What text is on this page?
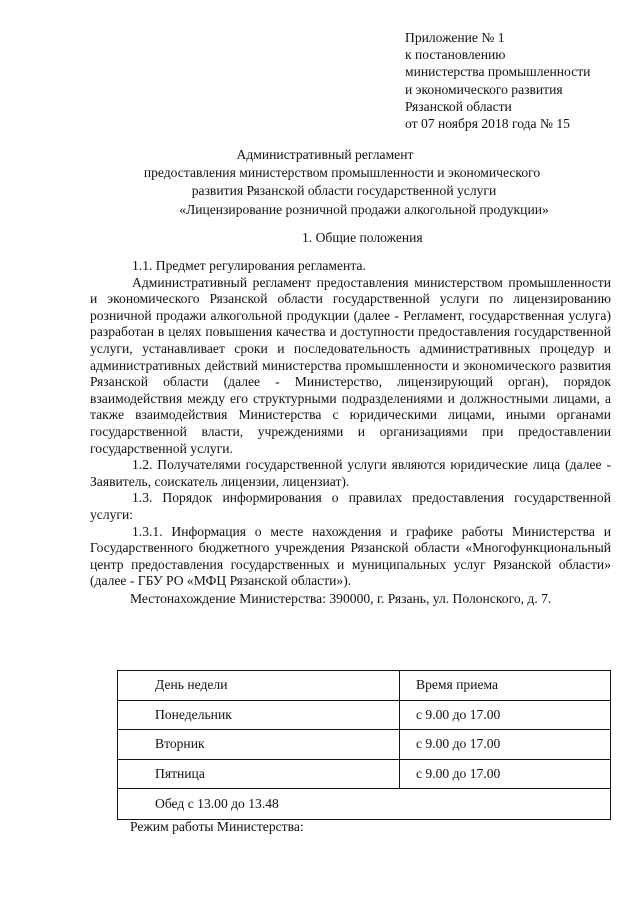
Приложение № 1
к постановлению
министерства промышленности
и экономического развития
Рязанской области
от 07 ноября 2018 года № 15
Административный регламент
предоставления министерством промышленности и экономического
развития Рязанской области государственной услуги
«Лицензирование розничной продажи алкогольной продукции»
1. Общие положения

1.1. Предмет регулирования регламента.

Административный регламент предоставления министерством промышленности и экономического Рязанской области государственной услуги по лицензированию розничной продажи алкогольной продукции (далее - Регламент, государственная услуга) разработан в целях повышения качества и доступности предоставления государственной услуги, устанавливает сроки и последовательность административных процедур и административных действий министерства промышленности и экономического развития Рязанской области (далее - Министерство, лицензирующий орган), порядок взаимодействия между его структурными подразделениями и должностными лицами, а также взаимодействия Министерства с юридическими лицами, иными органами государственной власти, учреждениями и организациями при предоставлении государственной услуги.

1.2. Получателями государственной услуги являются юридические лица (далее - Заявитель, соискатель лицензии, лицензиат).

1.3. Порядок информирования о правилах предоставления государственной услуги:

1.3.1. Информация о месте нахождения и графике работы Министерства и Государственного бюджетного учреждения Рязанской области «Многофункциональный центр предоставления государственных и муниципальных услуг Рязанской области» (далее - ГБУ РО «МФЦ Рязанской области»).

Местонахождение Министерства: 390000, г. Рязань, ул. Полонского, д. 7.

День недели	Время приема
Понедельник	с 9.00 до 17.00
Вторник	с 9.00 до 17.00
Пятница	с 9.00 до 17.00
Обед с 13.00 до 13.48	
Режим работы Министерства:
